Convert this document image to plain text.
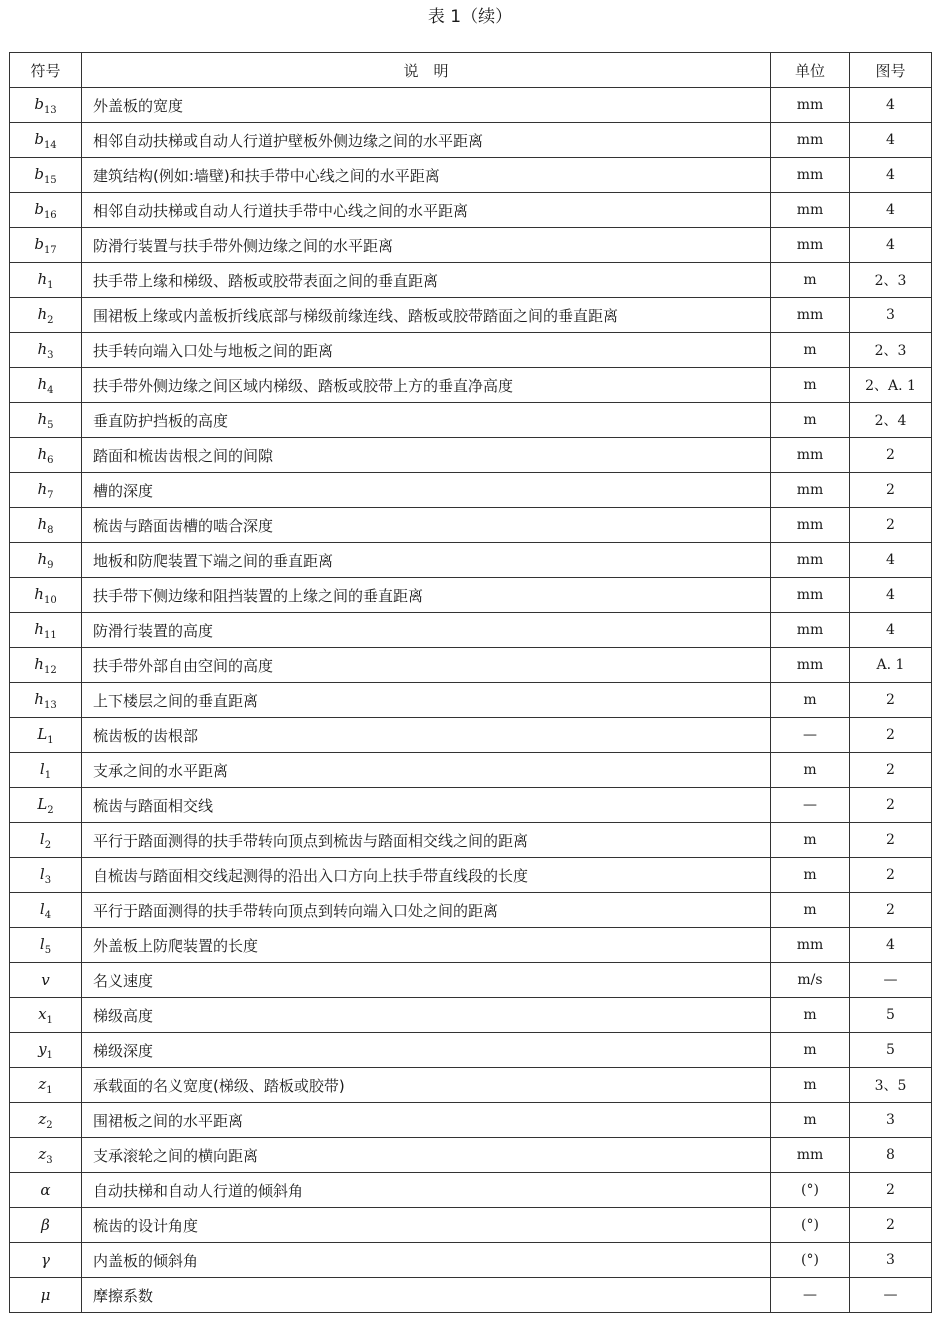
表 1（续）
符号	说　明	单位	图号
$b_{13}$	外盖板的宽度	mm	4
$b_{14}$	相邻自动扶梯或自动人行道护壁板外侧边缘之间的水平距离	mm	4
$b_{15}$	建筑结构(例如:墙壁)和扶手带中心线之间的水平距离	mm	4
$b_{16}$	相邻自动扶梯或自动人行道扶手带中心线之间的水平距离	mm	4
$b_{17}$	防滑行装置与扶手带外侧边缘之间的水平距离	mm	4
$h_1$	扶手带上缘和梯级、踏板或胶带表面之间的垂直距离	m	2、3
$h_2$	围裙板上缘或内盖板折线底部与梯级前缘连线、踏板或胶带踏面之间的垂直距离	mm	3
$h_3$	扶手转向端入口处与地板之间的距离	m	2、3
$h_4$	扶手带外侧边缘之间区域内梯级、踏板或胶带上方的垂直净高度	m	2、A. 1
$h_5$	垂直防护挡板的高度	m	2、4
$h_6$	踏面和梳齿齿根之间的间隙	mm	2
$h_7$	槽的深度	mm	2
$h_8$	梳齿与踏面齿槽的啮合深度	mm	2
$h_9$	地板和防爬装置下端之间的垂直距离	mm	4
$h_{10}$	扶手带下侧边缘和阻挡装置的上缘之间的垂直距离	mm	4
$h_{11}$	防滑行装置的高度	mm	4
$h_{12}$	扶手带外部自由空间的高度	mm	A. 1
$h_{13}$	上下楼层之间的垂直距离	m	2
$L_1$	梳齿板的齿根部	—	2
$l_1$	支承之间的水平距离	m	2
$L_2$	梳齿与踏面相交线	—	2
$l_2$	平行于踏面测得的扶手带转向顶点到梳齿与踏面相交线之间的距离	m	2
$l_3$	自梳齿与踏面相交线起测得的沿出入口方向上扶手带直线段的长度	m	2
$l_4$	平行于踏面测得的扶手带转向顶点到转向端入口处之间的距离	m	2
$l_5$	外盖板上防爬装置的长度	mm	4
v	名义速度	m/s	—
$x_1$	梯级高度	m	5
$y_1$	梯级深度	m	5
$z_1$	承载面的名义宽度(梯级、踏板或胶带)	m	3、5
$z_2$	围裙板之间的水平距离	m	3
$z_3$	支承滚轮之间的横向距离	mm	8
α	自动扶梯和自动人行道的倾斜角	(°)	2
β	梳齿的设计角度	(°)	2
γ	内盖板的倾斜角	(°)	3
μ	摩擦系数	—	—
